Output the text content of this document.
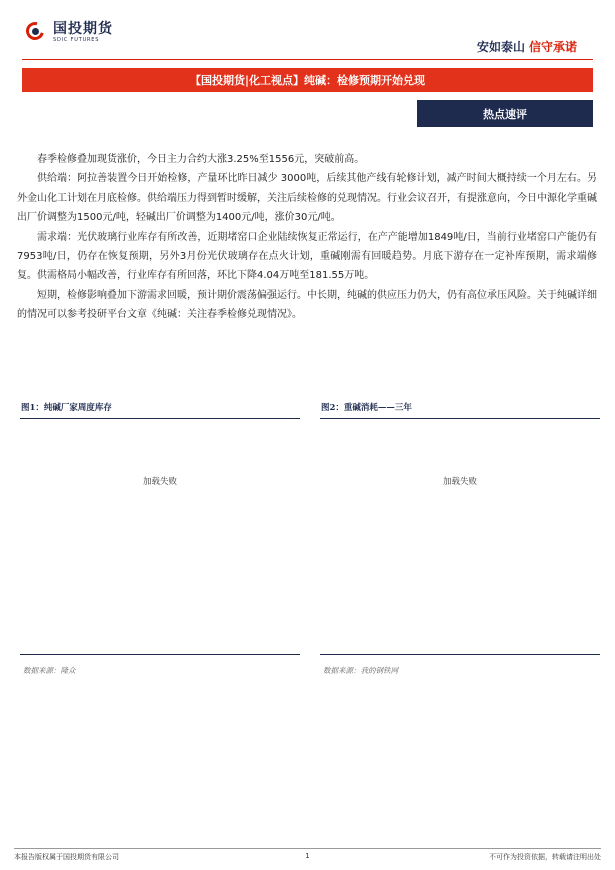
国投期货
SDIC FUTURES	安如泰山 信守承诺
【国投期货|化工视点】纯碱：检修预期开始兑现
热点速评

春季检修叠加现货涨价，今日主力合约大涨3.25%至1556元，突破前高。

供给端：阿拉善装置今日开始检修，产量环比昨日减少 3000吨，后续其他产线有轮修计划，减产时间大概持续一个月左右。另外金山化工计划在月底检修。供给端压力得到暂时缓解，关注后续检修的兑现情况。行业会议召开，有提涨意向，今日中源化学重碱出厂价调整为1500元/吨，轻碱出厂价调整为1400元/吨，涨价30元/吨。

需求端：光伏玻璃行业库存有所改善，近期堵窑口企业陆续恢复正常运行，在产产能增加1849吨/日，当前行业堵窑口产能仍有7953吨/日，仍存在恢复预期，另外3月份光伏玻璃存在点火计划，重碱刚需有回暖趋势。月底下游存在一定补库预期，需求端修复。供需格局小幅改善，行业库存有所回落，环比下降4.04万吨至181.55万吨。

短期，检修影响叠加下游需求回暖，预计期价震荡偏强运行。中长期，纯碱的供应压力仍大，仍有高位承压风险。关于纯碱详细的情况可以参考投研平台文章《纯碱：关注春季检修兑现情况》。

图1：纯碱厂家周度库存
加载失败
数据来源：隆众
图2：重碱消耗——三年
加载失败
数据来源：我的钢铁网
本报告版权属于国投期货有限公司	1	不可作为投资依据，转载请注明出处
